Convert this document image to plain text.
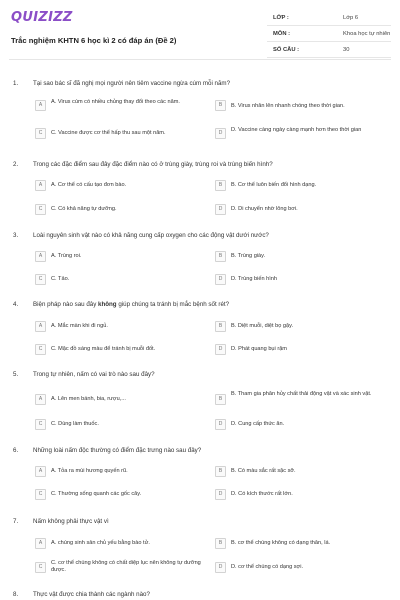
QUIZIZZ
Trắc nghiệm KHTN 6 học kì 2 có đáp án (Đề 2)
LỚP :	Lớp 6
MÔN :	Khoa học tự nhiên
SỐ CÂU :	30
1. Tại sao bác sĩ đã nghị mọi người nên tiêm vaccine ngừa cúm mỗi năm?
A	A. Virus cúm có nhiều chủng thay đổi theo các năm.	B	B. Virus nhân lên nhanh chóng theo thời gian.
C	C. Vaccine được cơ thể hấp thu sau một năm.	D	D. Vaccine càng ngày càng mạnh hơn theo thời gian
2. Trong các đặc điểm sau đây đặc điểm nào có ở trùng giày, trùng roi và trùng biến hình?
A	A. Cơ thể có cấu tạo đơn bào.	B	B. Cơ thể luôn biến đổi hình dạng.
C	C. Có khả năng tự dưỡng.	D	D. Di chuyển nhờ lông bơi.
3. Loài nguyên sinh vật nào có khả năng cung cấp oxygen cho các động vật dưới nước?
A	A. Trùng roi.	B	B. Trùng giày.
C	C. Tảo.	D	D. Trùng biến hình
4. Biện pháp nào sau đây không giúp chúng ta tránh bị mắc bệnh sốt rét?
A	A. Mắc màn khi đi ngủ.	B	B. Diệt muỗi, diệt bọ gậy.
C	C. Mặc đồ sáng màu để tránh bị muỗi đốt.	D	D. Phát quang bụi rậm
5. Trong tự nhiên, nấm có vai trò nào sau đây?
A	A. Lên men bánh, bia, rượu,...	B
B. Tham gia phân hủy chất thải động vật và xác sinh vật.
C	C. Dùng làm thuốc.	D	D. Cung cấp thức ăn.
6. Những loài nấm độc thường có điểm đặc trưng nào sau đây?
A	A. Tỏa ra mùi hương quyến rũ.	B	B. Có màu sắc rất sặc sỡ.
C	C. Thường sống quanh các gốc cây.	D	D. Có kích thước rất lớn.
7. Nấm không phải thực vật vì
A	A. chúng sinh sản chủ yếu bằng bào tử.	B	B. cơ thể chúng không có dạng thân, lá.
C
C. cơ thể chúng không có chất diệp lục nên không tự dưỡng được.
D	D. cơ thể chúng có dạng sợi.
8. Thực vật được chia thành các ngành nào?
